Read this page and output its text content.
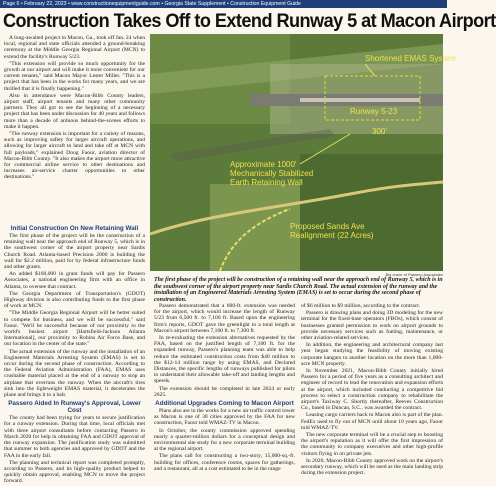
Page 6 • February 22, 2023 • www.constructionequipmentguide.com • Georgia State Supplement • Construction Equipment Guide
Construction Takes Off to Extend Runway 5 at Macon Airport

A long-awaited project in Macon, Ga., took off Jan. 24 when local, regional and state officials attended a ground-breaking ceremony at the Middle Georgia Regional Airport (MCN) to extend the facility's Runway 5/23.

"This extension will provide so much opportunity for the growth at our airport and will make it more convenient for our current tenants," said Macon Mayor Lester Miller. "This is a project that has been in the works for many years, and we are thrilled that it is finally happening."

Also in attendance were Macon-Bibb County leaders, airport staff, airport tenants and many other community partners. They all got to see the beginning of a necessary project that has been under discussion for 40 years and follows more than a decade of arduous behind-the-scenes efforts to make it happen.

"The runway extension is important for a variety of reasons, such as improving safety for larger aircraft operations, and allowing for larger aircraft to land and take off at MCN with full payloads," explained Doug Faour, aviation director of Macon-Bibb County. "It also makes the airport more attractive for commercial airline service to other destinations and increases air-service charter opportunities to other destinations."

Initial Construction On New Retaining Wall

The first phase of the project will be the construction of a retaining wall near the approach end of Runway 5, which is in the southwest corner of the airport property near Sardis Church Road. Atlanta-based Precision 2000 is building the wall for $2.2 million, paid for by federal infrastructure funds and other grants.

An added $168,000 in grant funds will pay for Passero Associates, a national engineering firm with an office in Atlanta, to oversee that contract.

The Georgia Department of Transportation's (GDOT) Highway division is also contributing funds to the first phase of work at MCN.

"The Middle Georgia Regional Airport will be better suited to compete for business, and we will be successful," said Faour. "We'll be successful because of our proximity to the world's busiest airport [Hartsfield-Jackson Atlanta International], our proximity to Robins Air Force Base, and our location in the center of the state."

The actual extension of the runway and the installation of an Engineered Materials Arresting System (EMAS) is set to occur during the second phase of construction. According to the Federal Aviation Administration (FAA), EMAS uses crushable material placed at the end of a runway to stop an airplane that overruns the runway. When the aircraft's tires sink into the lightweight EMAS material, it decelerates the plane and brings it to a halt.

Passero Aided In Runway's Approval, Lower Cost

The county had been trying for years to secure justification for a runway extension. During that time, local officials met with three airport consultants before contacting Passero in March 2020 for help in obtaining FAA and GDOT approval of the runway expansion. The justification study was submitted that summer to both agencies and approved by GDOT and the FAA in the early fall.

The planning and technical report was completed promptly, according to Passero, and its high-quality product helped to quickly obtain approval, enabling MCN to move the project forward.

Shortened EMAS System
Runway 5-23
300'
Approximate 1000'
Mechanically Stabilized
Earth Retaining Wall
Proposed Sands Ave
Realignment (22 Acres)
Big crane of Passero Associates
The first phase of the project will be construction of a retaining wall near the approach end of Runway 5, which is in the southwest corner of the airport property near Sardis Church Road. The actual extension of the runway and the installation of an Engineered Materials Arresting System (EMAS) is set to occur during the second phase of construction.

Passero demonstrated that a 600-ft. extension was needed for the airport, which would increase the length of Runway 5/23 from 6,500 ft. to 7,100 ft. Based upon the engineering firm's reports, GDOT gave the greenlight to a total length at Macon's airport between 7,100 ft. to 7,300 ft.

In re-evaluating the extension alternatives requested by the FAA, based on the justified length of 7,100 ft. for the expanded runway, Passero's planning team was able to help reduce the estimated construction costs from $40 million to the $12-14 million range by using EMAS, and Declared Distances, the specific lengths of runways published for pilots to understand their allowable take-off and landing lengths and speeds.

The extension should be completed in late 2024 or early 2025.

Additional Upgrades Coming to Macon Airport

Plans also are in the works for a new air traffic control tower as Macon is one of 30 cities approved by the FAA for new construction, Faour told WMAZ-TV in Macon.

In October, the county commission approved spending nearly a quarter-million dollars for a conceptual design and environmental site study for a new corporate terminal building at the regional airport.

The plans call for constructing a two-story, 15,000-sq.-ft. building for offices, conference rooms, spaces for gatherings, and a restaurant, all at a cost estimated to be in the range

of $6 million to $9 million, according to the contract.

Passero is drawing plans and doing 3D modeling for the new terminal for the fixed-base operators (FBOs), which consist of businesses granted permission to work on airport grounds to provide necessary services such as fueling, maintenance, or other aviation-related services.

In addition, the engineering and architectural company last year began studying the feasibility of moving existing corporate hangars to another location on the more than 1,000-acre MCN property.

In November 2021, Macon-Bibb County initially hired Passero for a period of five years as a consulting architect and engineer of record to lead the renovation and expansion efforts at the airport, which included conducting a competitive bid process to select a construction company to rehabilitate the airport's Taxiway C. Shortly thereafter, Reeves Construction Co., based in Duncan, S.C., was awarded the contract.

Leasing cargo carriers back to Macon also is part of the plan. FedEx used to fly out of MCN until about 10 years ago, Faour told WMAZ-TV.

The new corporate terminal will be a crucial step to boosting the airport's reputation as it will offer the first impression of the community to company executives and other high-profile visitors flying in on private jets.

In 2020, Macon-Bibb County approved work on the airport's secondary runway, which will be used as the main landing strip during the extension project.
